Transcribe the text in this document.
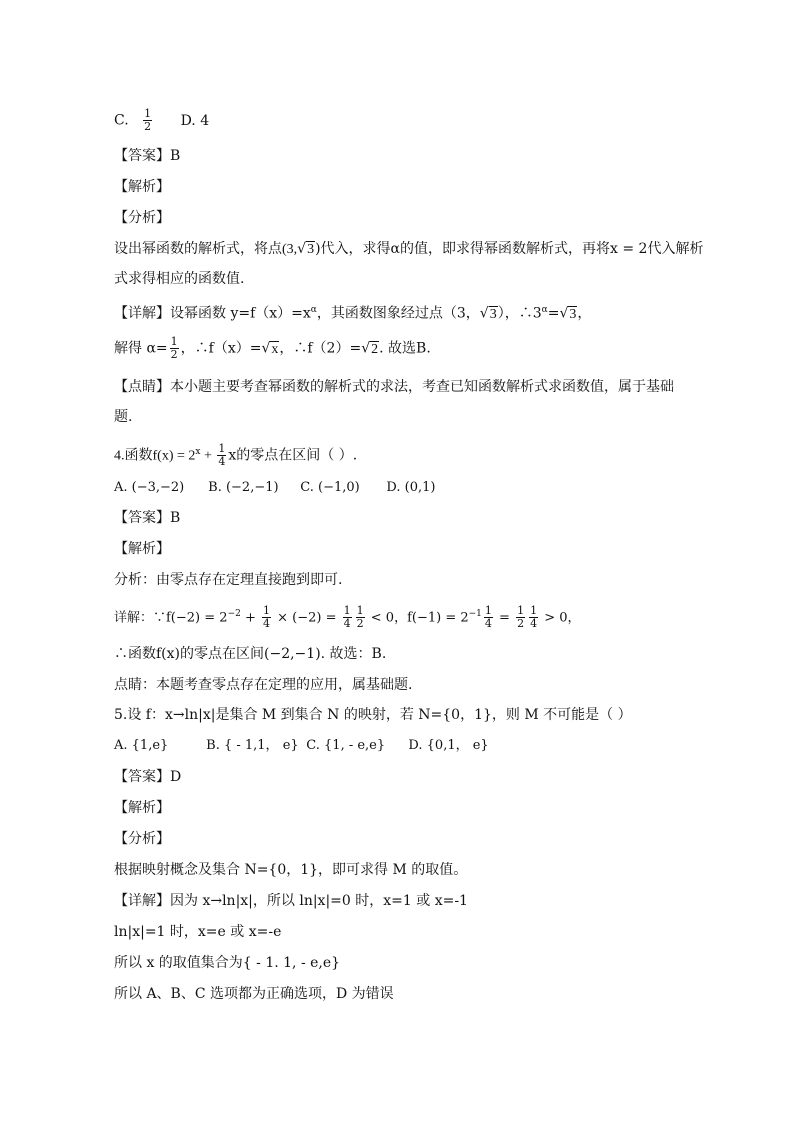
C. $\frac{1}{2} D$. 4
【答案】B
【解析】
【分析】
设出幂函数的解析式，将点(3,√3)代入，求得α的值，即求得幂函数解析式，再将x = 2代入解析
式求得相应的函数值.
【详解】设幂函数 $y=f(x)=x^\alpha$，其函数图象经过点（3，√3），$\therefore 3^\alpha=√3$，
解得 $\alpha= \frac{1}{2}$ ，∴f（x）=√x，∴f（2）=√2. 故选B.
【点睛】本小题主要考查幂函数的解析式的求法，考查已知函数解析式求函数值，属于基础
题.
4.函数$f(x) = 2^x + \frac{1}{4}$ x的零点在区间（ ）.
A. (−3,−2) B. (−2,−1) C. (−1,0) D. (0,1)
【答案】B
【解析】
分析：由零点存在定理直接跑到即可.
详解：∵f(−2) = $2^{-2} + \frac{1}{4} \times (-2) = \frac{1}{4} \frac{1}{2} < 0$，$f(-1) = 2^{-1} \frac{1}{4} = \frac{1}{2} \frac{1}{4} > 0$，
∴函数f(x)的零点在区间(−2,−1). 故选：B.
点睛：本题考查零点存在定理的应用，属基础题.
5.设 f：x→ln|x|是集合 M 到集合 N 的映射，若 N={0，1}，则 M 不可能是（ ）
A. {1,e}	B. { - 1,1， e} C. {1, - e,e} D. {0,1， e}
【答案】D
【解析】
【分析】
根据映射概念及集合 N={0，1}，即可求得 M 的取值。
【详解】因为 x→ln|x|，所以 ln|x|=0 时，x=1 或 x=-1
ln|x|=1 时，x=e 或 x=-e
所以 x 的取值集合为{ - 1. 1, - e,e}
所以 A、B、C 选项都为正确选项，D 为错误
